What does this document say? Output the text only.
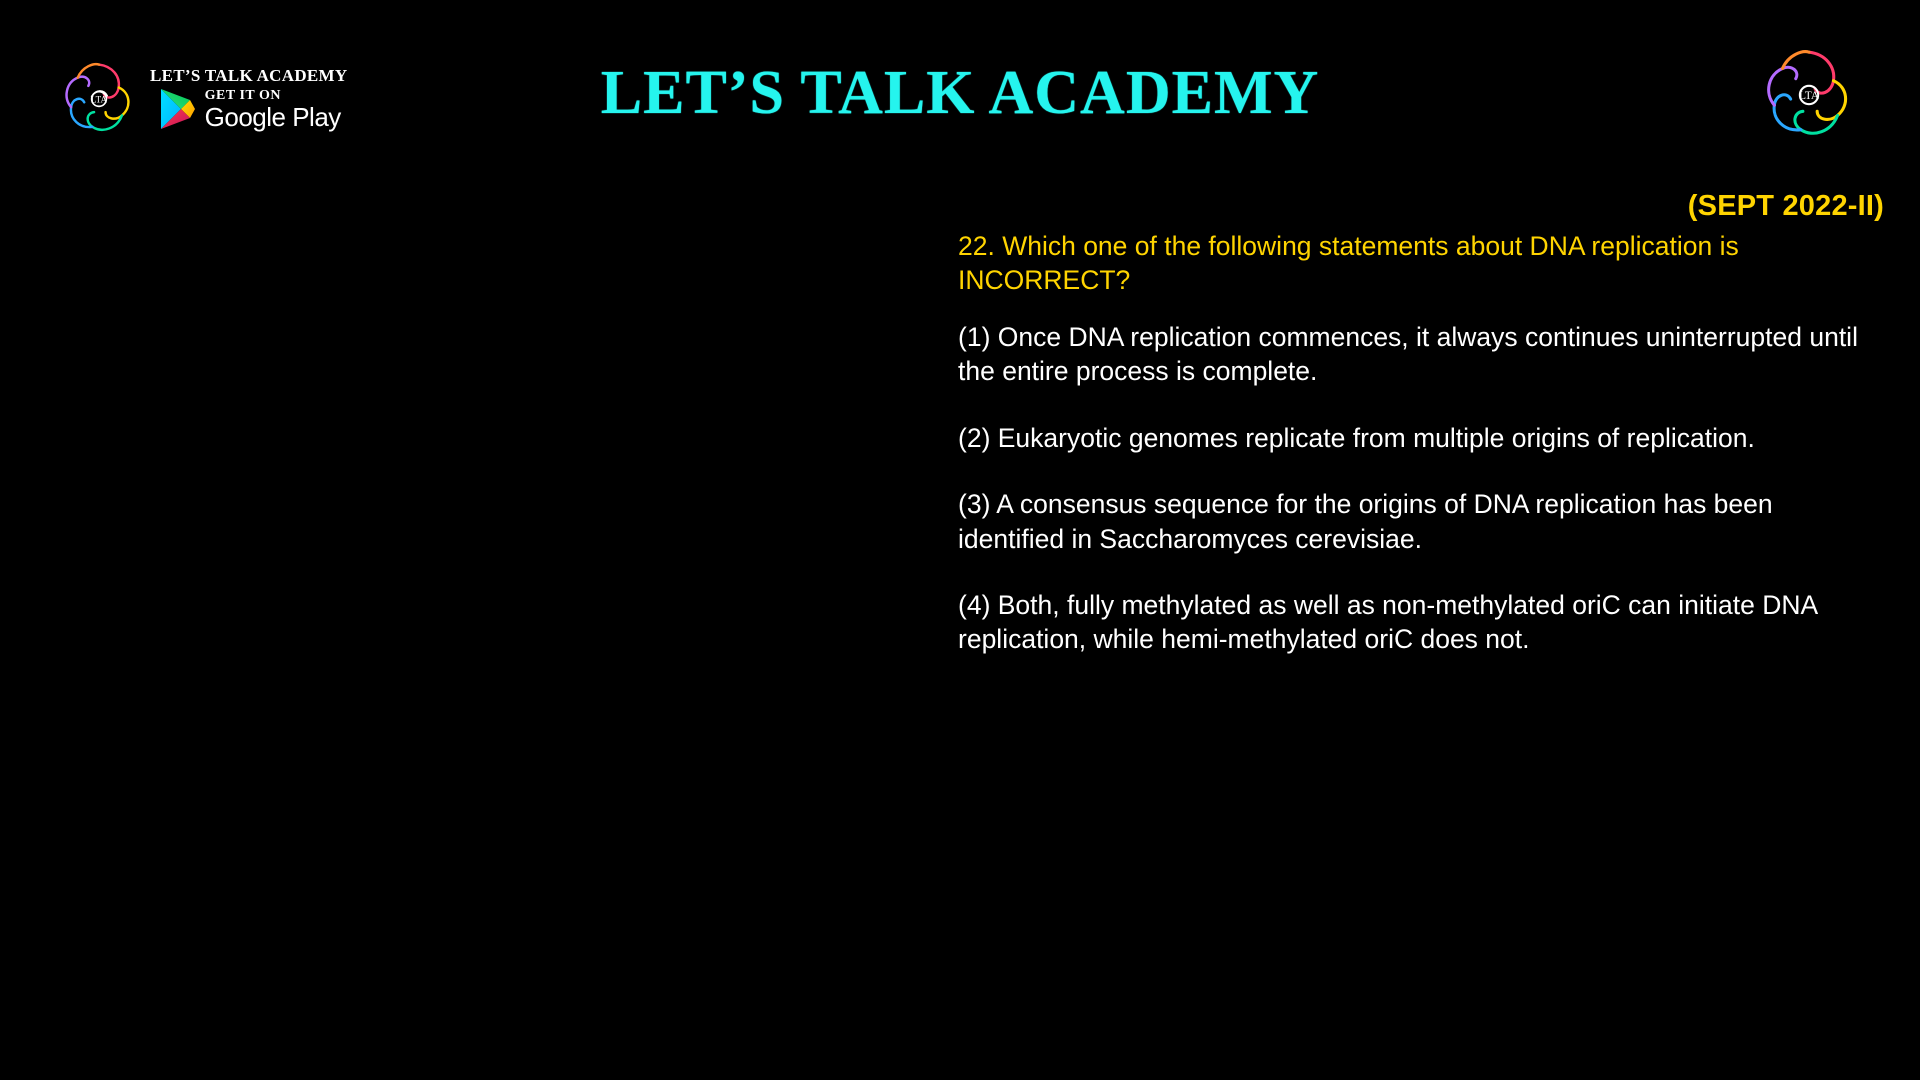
LTA
LET’S TALK ACADEMY
GET IT ON
Google Play	LET’S TALK ACADEMY	LTA
(SEPT 2022-II)

22. Which one of the following statements about DNA replication is INCORRECT?

(1) Once DNA replication commences, it always continues uninterrupted until the entire process is complete.

(2) Eukaryotic genomes replicate from multiple origins of replication.

(3) A consensus sequence for the origins of DNA replication has been identified in Saccharomyces cerevisiae.

(4) Both, fully methylated as well as non-methylated oriC can initiate DNA replication, while hemi-methylated oriC does not.
